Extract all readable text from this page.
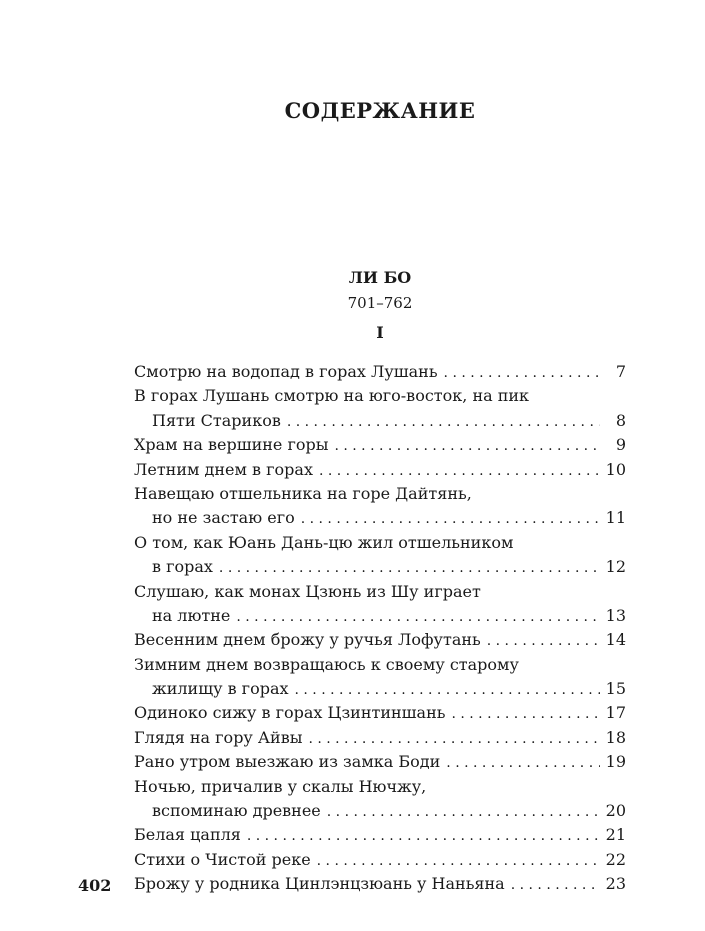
СОДЕРЖАНИЕ
ЛИ БО
701–762
I
Смотрю на водопад в горах Лушань . . .	7
В горах Лушань смотрю на юго-восток, на пик
Пяти Стариков . . .	8
Храм на вершине горы . . .	9
Летним днем в горах . . .	10
Навещаю отшельника на горе Дайтянь,
но не застаю его . . .	11
О том, как Юань Дань-цю жил отшельником
в горах . . .	12
Слушаю, как монах Цзюнь из Шу играет
на лютне . . .	13
Весенним днем брожу у ручья Лофутань . . .	14
Зимним днем возвращаюсь к своему старому
жилищу в горах . . .	15
Одиноко сижу в горах Цзинтиншань . . .	17
Глядя на гору Айвы . . .	18
Рано утром выезжаю из замка Боди . . .	19
Ночью, причалив у скалы Нючжу,
вспоминаю древнее . . .	20
Белая цапля . . .	21
Стихи о Чистой реке . . .	22
Брожу у родника Цинлэнцзюань у Наньяна . . .	23
402
